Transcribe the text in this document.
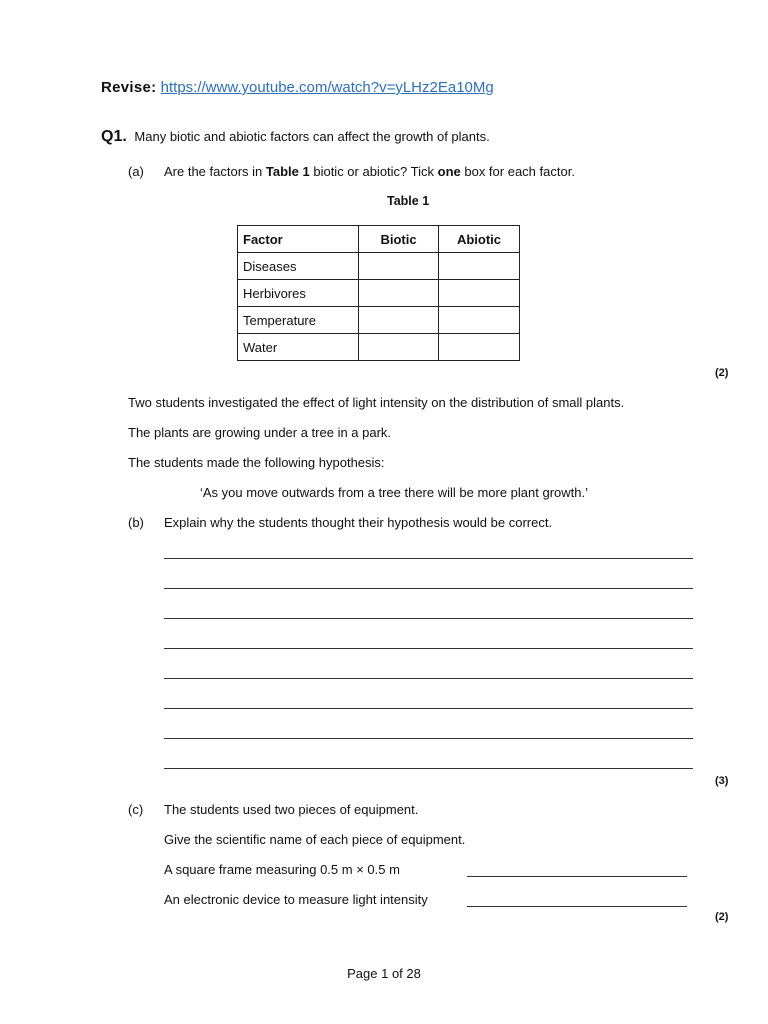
Revise: https://www.youtube.com/watch?v=yLHz2Ea10Mg
Q1. Many biotic and abiotic factors can affect the growth of plants.
(a) Are the factors in Table 1 biotic or abiotic? Tick one box for each factor.
Table 1
Factor	Biotic	Abiotic
Diseases		
Herbivores		
Temperature		
Water		
(2)
Two students investigated the effect of light intensity on the distribution of small plants.
The plants are growing under a tree in a park.
The students made the following hypothesis:
‘As you move outwards from a tree there will be more plant growth.’
(b) Explain why the students thought their hypothesis would be correct.
(3)
(c) The students used two pieces of equipment.
Give the scientific name of each piece of equipment.
A square frame measuring 0.5 m × 0.5 m
An electronic device to measure light intensity
(2)
Page 1 of 28
